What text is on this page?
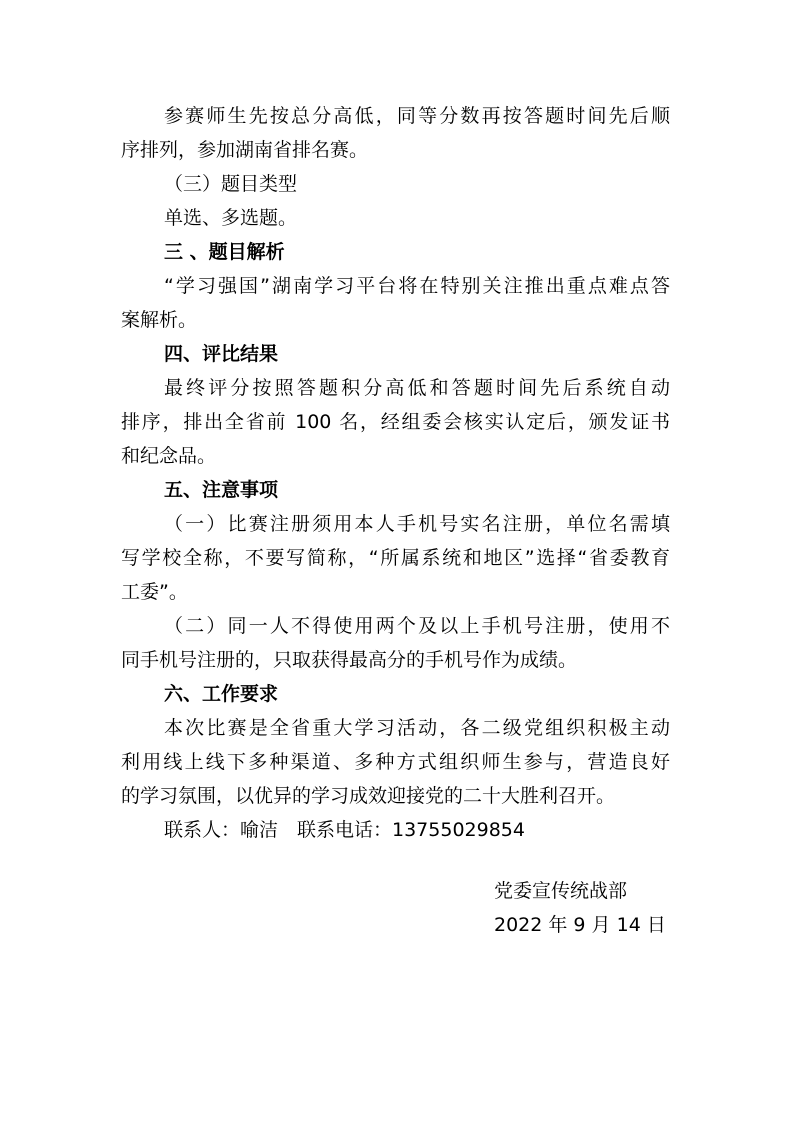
参赛师生先按总分高低，同等分数再按答题时间先后顺
序排列，参加湖南省排名赛。
（三）题目类型
单选、多选题。
三 、题目解析
“学习强国”湖南学习平台将在特别关注推出重点难点答
案解析。
四、评比结果
最终评分按照答题积分高低和答题时间先后系统自动
排序，排出全省前 100 名，经组委会核实认定后，颁发证书
和纪念品。
五、注意事项
（一）比赛注册须用本人手机号实名注册，单位名需填
写学校全称，不要写简称，“所属系统和地区”选择“省委教育
工委”。
（二）同一人不得使用两个及以上手机号注册，使用不
同手机号注册的，只取获得最高分的手机号作为成绩。
六、工作要求
本次比赛是全省重大学习活动，各二级党组织积极主动
利用线上线下多种渠道、多种方式组织师生参与，营造良好
的学习氛围，以优异的学习成效迎接党的二十大胜利召开。
联系人：喻洁　联系电话：13755029854
党委宣传统战部
2022 年 9 月 14 日
